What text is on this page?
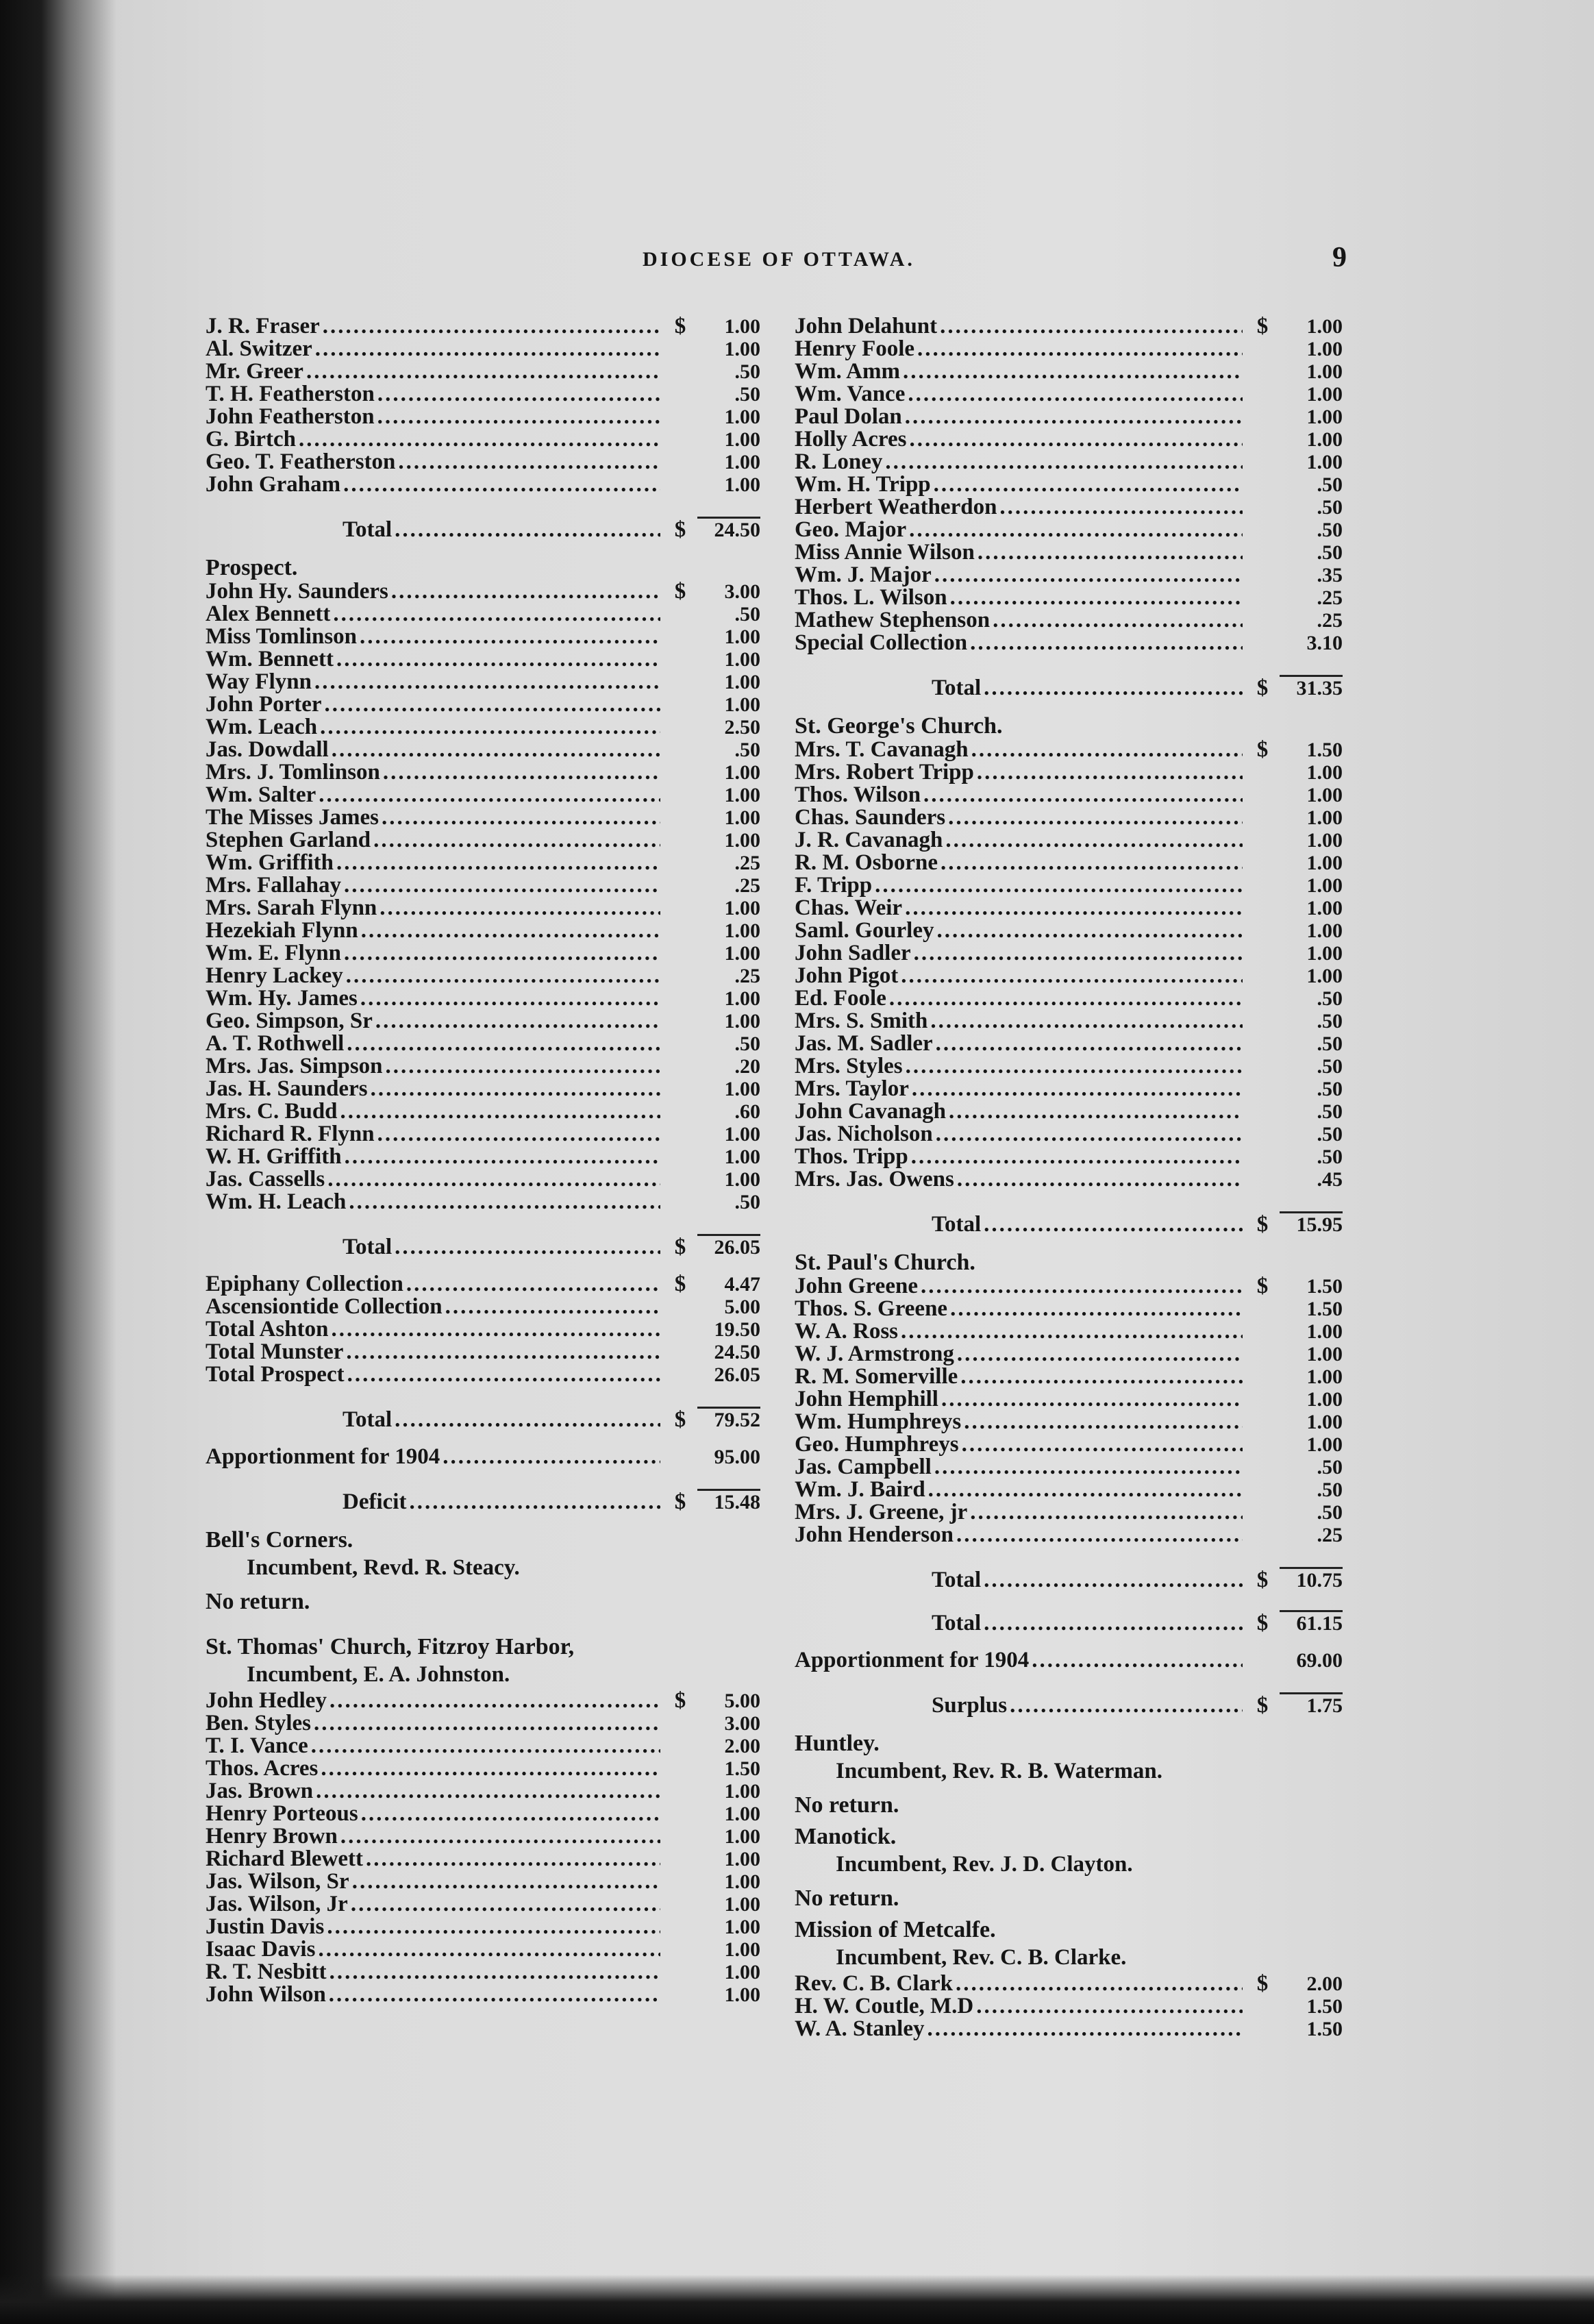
DIOCESE OF OTTAWA.	9
J. R. Fraser .....	$	1.00
Al. Switzer .....	1.00
Mr. Greer .....	.50
T. H. Featherston .....	.50
John Featherston .....	1.00
G. Birtch .....	1.00
Geo. T. Featherston .....	1.00
John Graham .....	1.00
Total .....	$	24.50
Prospect.
John Hy. Saunders .....	$	3.00
Alex Bennett .....	.50
Miss Tomlinson .....	1.00
Wm. Bennett .....	1.00
Way Flynn .....	1.00
John Porter .....	1.00
Wm. Leach .....	2.50
Jas. Dowdall .....	.50
Mrs. J. Tomlinson .....	1.00
Wm. Salter .....	1.00
The Misses James .....	1.00
Stephen Garland .....	1.00
Wm. Griffith .....	.25
Mrs. Fallahay .....	.25
Mrs. Sarah Flynn .....	1.00
Hezekiah Flynn .....	1.00
Wm. E. Flynn .....	1.00
Henry Lackey .....	.25
Wm. Hy. James .....	1.00
Geo. Simpson, Sr .....	1.00
A. T. Rothwell .....	.50
Mrs. Jas. Simpson .....	.20
Jas. H. Saunders .....	1.00
Mrs. C. Budd .....	.60
Richard R. Flynn .....	1.00
W. H. Griffith .....	1.00
Jas. Cassells .....	1.00
Wm. H. Leach .....	.50
Total .....	$	26.05
Epiphany Collection .....	$	4.47
Ascensiontide Collection .....	5.00
Total Ashton .....	19.50
Total Munster .....	24.50
Total Prospect .....	26.05
Total .....	$	79.52
Apportionment for 1904 .....	95.00
Deficit .....	$	15.48
Bell's Corners.
Incumbent, Revd. R. Steacy.
No return.
St. Thomas' Church, Fitzroy Harbor,
Incumbent, E. A. Johnston.
John Hedley .....	$	5.00
Ben. Styles .....	3.00
T. I. Vance .....	2.00
Thos. Acres .....	1.50
Jas. Brown .....	1.00
Henry Porteous .....	1.00
Henry Brown .....	1.00
Richard Blewett .....	1.00
Jas. Wilson, Sr .....	1.00
Jas. Wilson, Jr .....	1.00
Justin Davis .....	1.00
Isaac Davis .....	1.00
R. T. Nesbitt .....	1.00
John Wilson .....	1.00
John Delahunt .....	$	1.00
Henry Foole .....	1.00
Wm. Amm .....	1.00
Wm. Vance .....	1.00
Paul Dolan .....	1.00
Holly Acres .....	1.00
R. Loney .....	1.00
Wm. H. Tripp .....	.50
Herbert Weatherdon .....	.50
Geo. Major .....	.50
Miss Annie Wilson .....	.50
Wm. J. Major .....	.35
Thos. L. Wilson .....	.25
Mathew Stephenson .....	.25
Special Collection .....	3.10
Total .....	$	31.35
St. George's Church.
Mrs. T. Cavanagh .....	$	1.50
Mrs. Robert Tripp .....	1.00
Thos. Wilson .....	1.00
Chas. Saunders .....	1.00
J. R. Cavanagh .....	1.00
R. M. Osborne .....	1.00
F. Tripp .....	1.00
Chas. Weir .....	1.00
Saml. Gourley .....	1.00
John Sadler .....	1.00
John Pigot .....	1.00
Ed. Foole .....	.50
Mrs. S. Smith .....	.50
Jas. M. Sadler .....	.50
Mrs. Styles .....	.50
Mrs. Taylor .....	.50
John Cavanagh .....	.50
Jas. Nicholson .....	.50
Thos. Tripp .....	.50
Mrs. Jas. Owens .....	.45
Total .....	$	15.95
St. Paul's Church.
John Greene .....	$	1.50
Thos. S. Greene .....	1.50
W. A. Ross .....	1.00
W. J. Armstrong .....	1.00
R. M. Somerville .....	1.00
John Hemphill .....	1.00
Wm. Humphreys .....	1.00
Geo. Humphreys .....	1.00
Jas. Campbell .....	.50
Wm. J. Baird .....	.50
Mrs. J. Greene, jr .....	.50
John Henderson .....	.25
Total .....	$	10.75
Total .....	$	61.15
Apportionment for 1904 .....	69.00
Surplus .....	$	1.75
Huntley.
Incumbent, Rev. R. B. Waterman.
No return.
Manotick.
Incumbent, Rev. J. D. Clayton.
No return.
Mission of Metcalfe.
Incumbent, Rev. C. B. Clarke.
Rev. C. B. Clark .....	$	2.00
H. W. Coutle, M.D .....	1.50
W. A. Stanley .....	1.50
